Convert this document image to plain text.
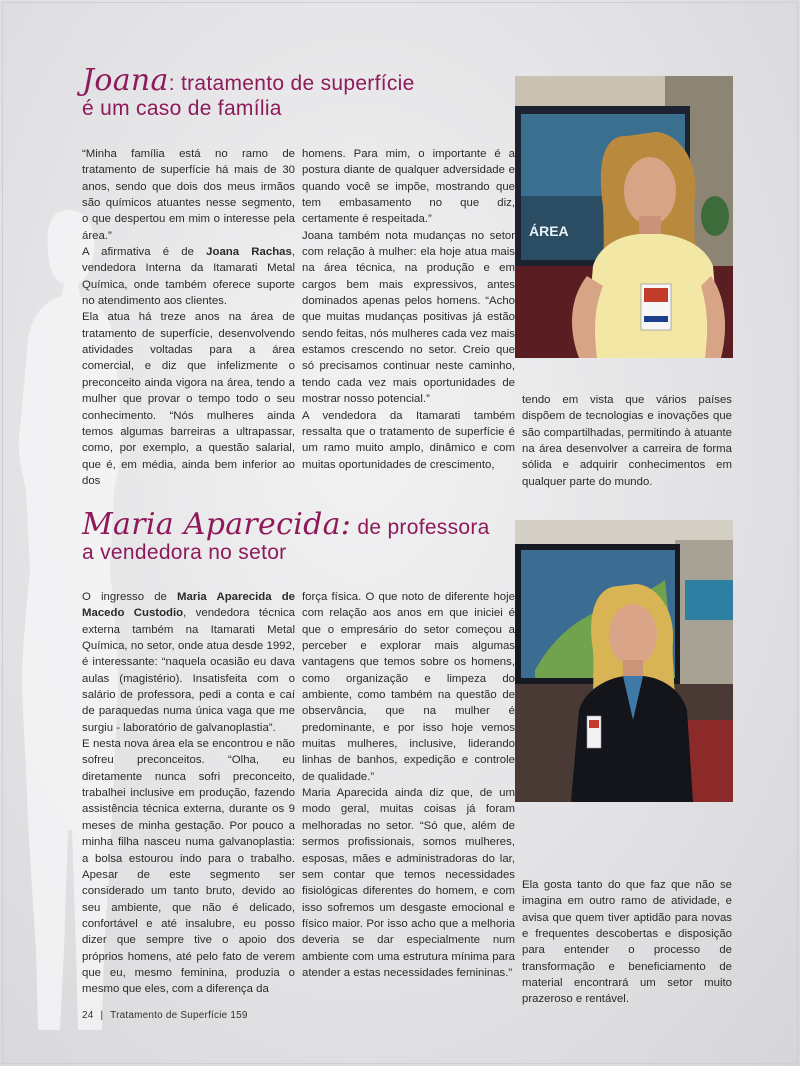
Joana: tratamento de superfície
é um caso de família

“Minha família está no ramo de tratamento de superfície há mais de 30 anos, sendo que dois dos meus irmãos são químicos atuantes nesse segmento, o que despertou em mim o interesse pela área.”

A afirmativa é de Joana Rachas, vendedora Interna da Itamarati Metal Química, onde também oferece suporte no atendimento aos clientes.

Ela atua há treze anos na área de tratamento de superfície, desenvolvendo atividades voltadas para a área comercial, e diz que infelizmente o preconceito ainda vigora na área, tendo a mulher que provar o tempo todo o seu conhecimento. “Nós mulheres ainda temos algumas barreiras a ultrapassar, como, por exemplo, a questão salarial, que é, em média, ainda bem inferior ao dos

homens. Para mim, o importante é a postura diante de qualquer adversidade e quando você se impõe, mostrando que tem embasamento no que diz, certamente é respeitada.”

Joana também nota mudanças no setor com relação à mulher: ela hoje atua mais na área técnica, na produção e em cargos bem mais expressivos, antes dominados apenas pelos homens. “Acho que muitas mudanças positivas já estão sendo feitas, nós mulheres cada vez mais estamos crescendo no setor. Creio que só precisamos continuar neste caminho, tendo cada vez mais oportunidades de mostrar nosso potencial.”

A vendedora da Itamarati também ressalta que o tratamento de superfície é um ramo muito amplo, dinâmico e com muitas oportunidades de crescimento,

tendo em vista que vários países dispõem de tecnologias e inovações que são compartilhadas, permitindo à atuante na área desenvolver a carreira de forma sólida e adquirir conhecimentos em qualquer parte do mundo.

ÁREA
Maria Aparecida: de professora
a vendedora no setor

O ingresso de Maria Aparecida de Macedo Custodio, vendedora técnica externa também na Itamarati Metal Química, no setor, onde atua desde 1992, é interessante: “naquela ocasião eu dava aulas (magistério). Insatisfeita com o salário de professora, pedi a conta e caí de paraquedas numa única vaga que me surgiu - laboratório de galvanoplastia”.

E nesta nova área ela se encontrou e não sofreu preconceitos. “Olha, eu diretamente nunca sofri preconceito, trabalhei inclusive em produção, fazendo assistência técnica externa, durante os 9 meses de minha gestação. Por pouco a minha filha nasceu numa galvanoplastia: a bolsa estourou indo para o trabalho. Apesar de este segmento ser considerado um tanto bruto, devido ao seu ambiente, que não é delicado, confortável e até insalubre, eu posso dizer que sempre tive o apoio dos próprios homens, até pelo fato de verem que eu, mesmo feminina, produzia o mesmo que eles, com a diferença da

força física. O que noto de diferente hoje com relação aos anos em que iniciei é que o empresário do setor começou a perceber e explorar mais algumas vantagens que temos sobre os homens, como organização e limpeza do ambiente, como também na questão de observância, que na mulher é predominante, e por isso hoje vemos muitas mulheres, inclusive, liderando linhas de banhos, expedição e controle de qualidade.”

Maria Aparecida ainda diz que, de um modo geral, muitas coisas já foram melhoradas no setor. “Só que, além de sermos profissionais, somos mulheres, esposas, mães e administradoras do lar, sem contar que temos necessidades fisiológicas diferentes do homem, e com isso sofremos um desgaste emocional e físico maior. Por isso acho que a melhoria deveria se dar especialmente num ambiente com uma estrutura mínima para atender a estas necessidades femininas.”

Ela gosta tanto do que faz que não se imagina em outro ramo de atividade, e avisa que quem tiver aptidão para novas e frequentes descobertas e disposição para entender o processo de transformação e beneficiamento de material encontrará um setor muito prazeroso e rentável.

24 | Tratamento de Superfície 159
